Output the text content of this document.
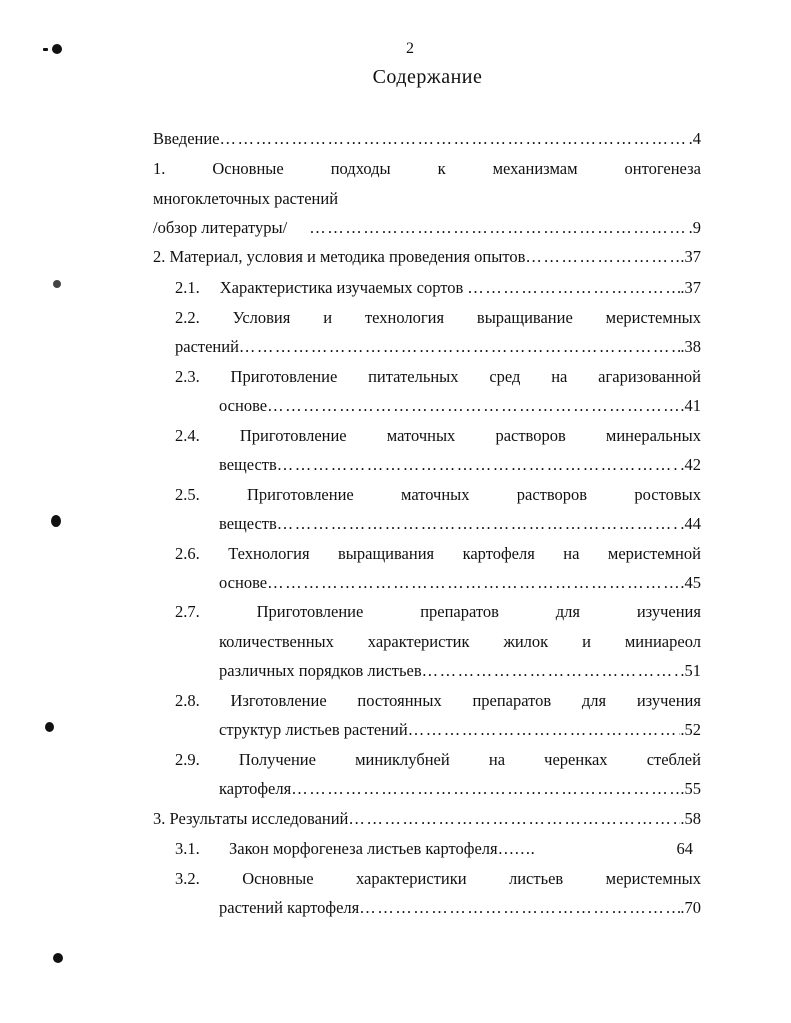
2
Содержание
Введение …………………………………………………………………………………………………………………………………………………………………………	.4
1.	Основные	подходы	к	механизмам	онтогенеза
многоклеточных растений
/обзор литературы/ …………………………………………………………………………………………………………………………………………………………………………	.9
2. Материал, условия и методика проведения опытов …………………………………………………………………………………………………………………………………………………………………………	.37
2.1. Характеристика изучаемых сортов …………………………………………………………………………………………………………………………………………………………………………	.37
2.2. Условия и технология выращивание меристемных
растений …………………………………………………………………………………………………………………………………………………………………………	.38
2.3. Приготовление питательных сред на агаризованной
основе …………………………………………………………………………………………………………………………………………………………………………	.41
2.4. Приготовление маточных растворов минеральных
веществ …………………………………………………………………………………………………………………………………………………………………………	.42
2.5.	Приготовление	маточных	растворов	ростовых
веществ …………………………………………………………………………………………………………………………………………………………………………	.44
2.6. Технология выращивания картофеля на меристемной
основе …………………………………………………………………………………………………………………………………………………………………………	.45
2.7.	Приготовление	препаратов	для	изучения
количественных характеристик жилок и миниареол
различных порядков листьев …………………………………………………………………………………………………………………………………………………………………………	.51
2.8. Изготовление постоянных препаратов для изучения
структур листьев растений …………………………………………………………………………………………………………………………………………………………………………	.52
2.9. Получение миниклубней на черенках стеблей
картофеля …………………………………………………………………………………………………………………………………………………………………………	.55
3. Результаты исследований …………………………………………………………………………………………………………………………………………………………………………	.58
3.1. Закон морфогенеза листьев картофеля…….	64
3.2.	Основные	характеристики	листьев	меристемных
растений картофеля …………………………………………………………………………………………………………………………………………………………………………	.70
